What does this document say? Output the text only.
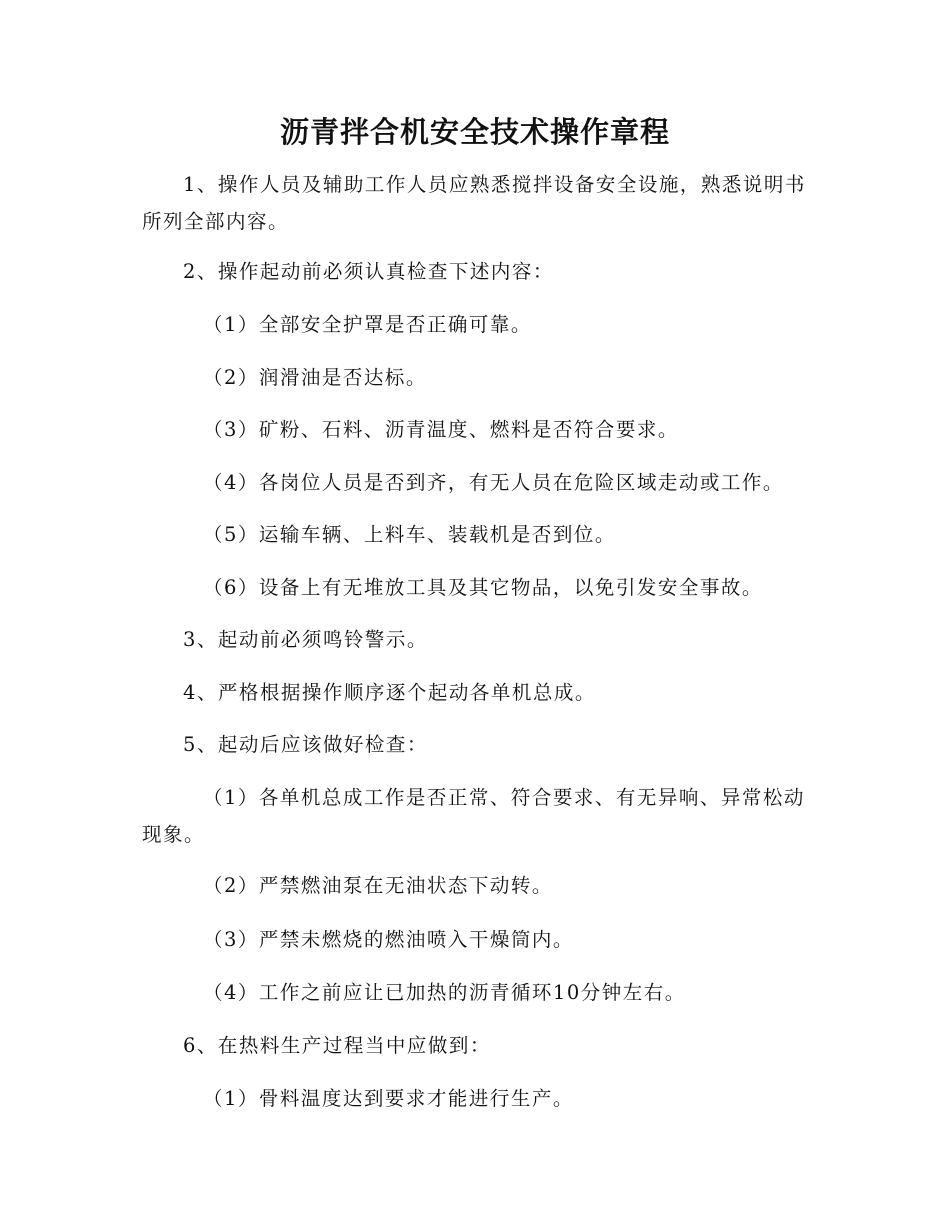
沥青拌合机安全技术操作章程
1、操作人员及辅助工作人员应熟悉搅拌设备安全设施，熟悉说明书所列全部内容。
2、操作起动前必须认真检查下述内容：
（1）全部安全护罩是否正确可靠。
（2）润滑油是否达标。
（3）矿粉、石料、沥青温度、燃料是否符合要求。
（4）各岗位人员是否到齐，有无人员在危险区域走动或工作。
（5）运输车辆、上料车、装载机是否到位。
（6）设备上有无堆放工具及其它物品，以免引发安全事故。
3、起动前必须鸣铃警示。
4、严格根据操作顺序逐个起动各单机总成。
5、起动后应该做好检查：
（1）各单机总成工作是否正常、符合要求、有无异响、异常松动现象。
（2）严禁燃油泵在无油状态下动转。
（3）严禁未燃烧的燃油喷入干燥筒内。
（4）工作之前应让已加热的沥青循环10分钟左右。
6、在热料生产过程当中应做到：
（1）骨料温度达到要求才能进行生产。
